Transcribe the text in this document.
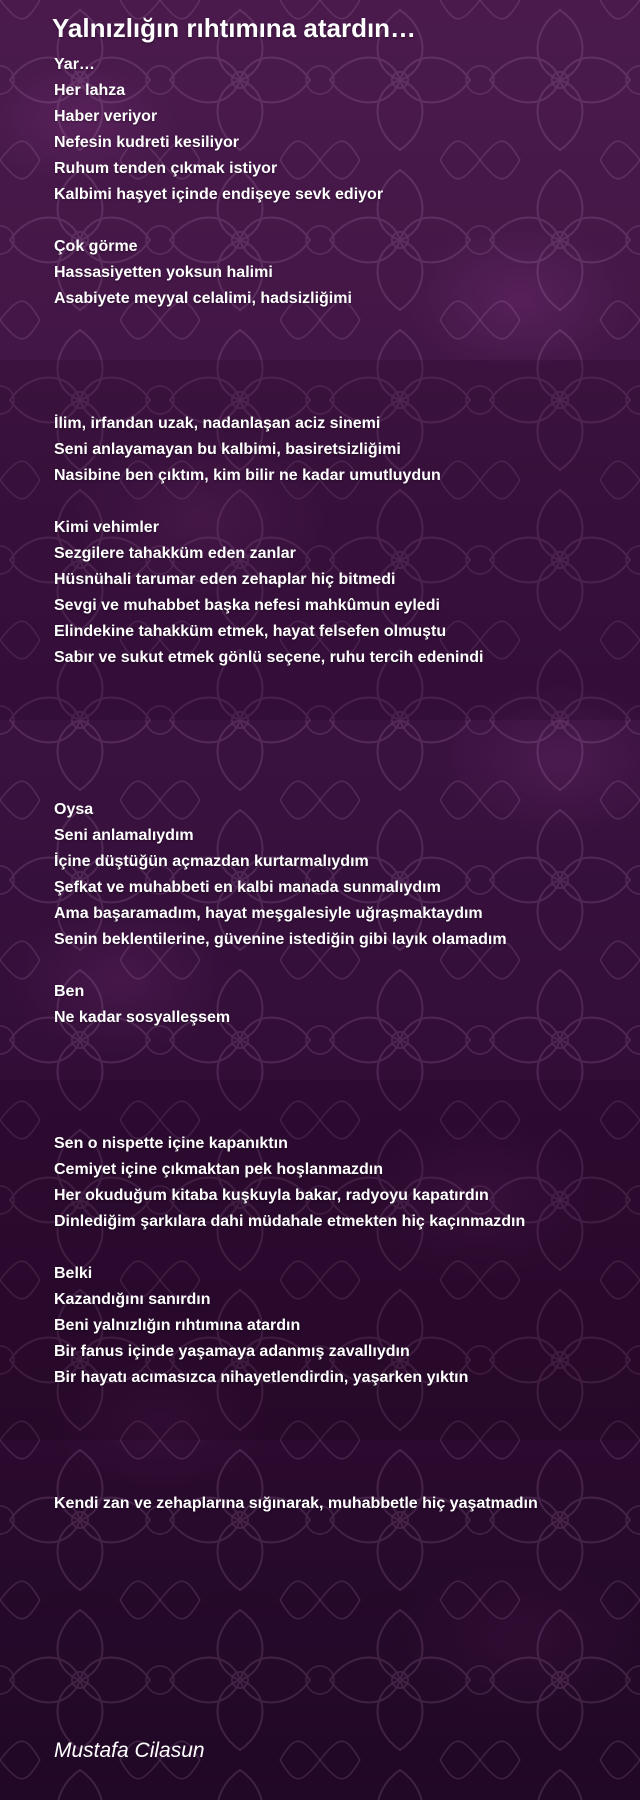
Yalnızlığın rıhtımına atardın…
Yar…
Her lahza
Haber veriyor
Nefesin kudreti kesiliyor
Ruhum tenden çıkmak istiyor
Kalbimi haşyet içinde endişeye sevk ediyor
Çok görme
Hassasiyetten yoksun halimi
Asabiyete meyyal celalimi, hadsizliğimi
İlim, irfandan uzak, nadanlaşan aciz sinemi
Seni anlayamayan bu kalbimi, basiretsizliğimi
Nasibine ben çıktım, kim bilir ne kadar umutluydun
Kimi vehimler
Sezgilere tahakküm eden zanlar
Hüsnühali tarumar eden zehaplar hiç bitmedi
Sevgi ve muhabbet başka nefesi mahkûmun eyledi
Elindekine tahakküm etmek, hayat felsefen olmuştu
Sabır ve sukut etmek gönlü seçene, ruhu tercih edenindi
Oysa
Seni anlamalıydım
İçine düştüğün açmazdan kurtarmalıydım
Şefkat ve muhabbeti en kalbi manada sunmalıydım
Ama başaramadım, hayat meşgalesiyle uğraşmaktaydım
Senin beklentilerine, güvenine istediğin gibi layık olamadım
Ben
Ne kadar sosyalleşsem
Sen o nispette içine kapanıktın
Cemiyet içine çıkmaktan pek hoşlanmazdın
Her okuduğum kitaba kuşkuyla bakar, radyoyu kapatırdın
Dinlediğim şarkılara dahi müdahale etmekten hiç kaçınmazdın
Belki
Kazandığını sanırdın
Beni yalnızlığın rıhtımına atardın
Bir fanus içinde yaşamaya adanmış zavallıydın
Bir hayatı acımasızca nihayetlendirdin, yaşarken yıktın
Kendi zan ve zehaplarına sığınarak, muhabbetle hiç yaşatmadın
Mustafa Cilasun
